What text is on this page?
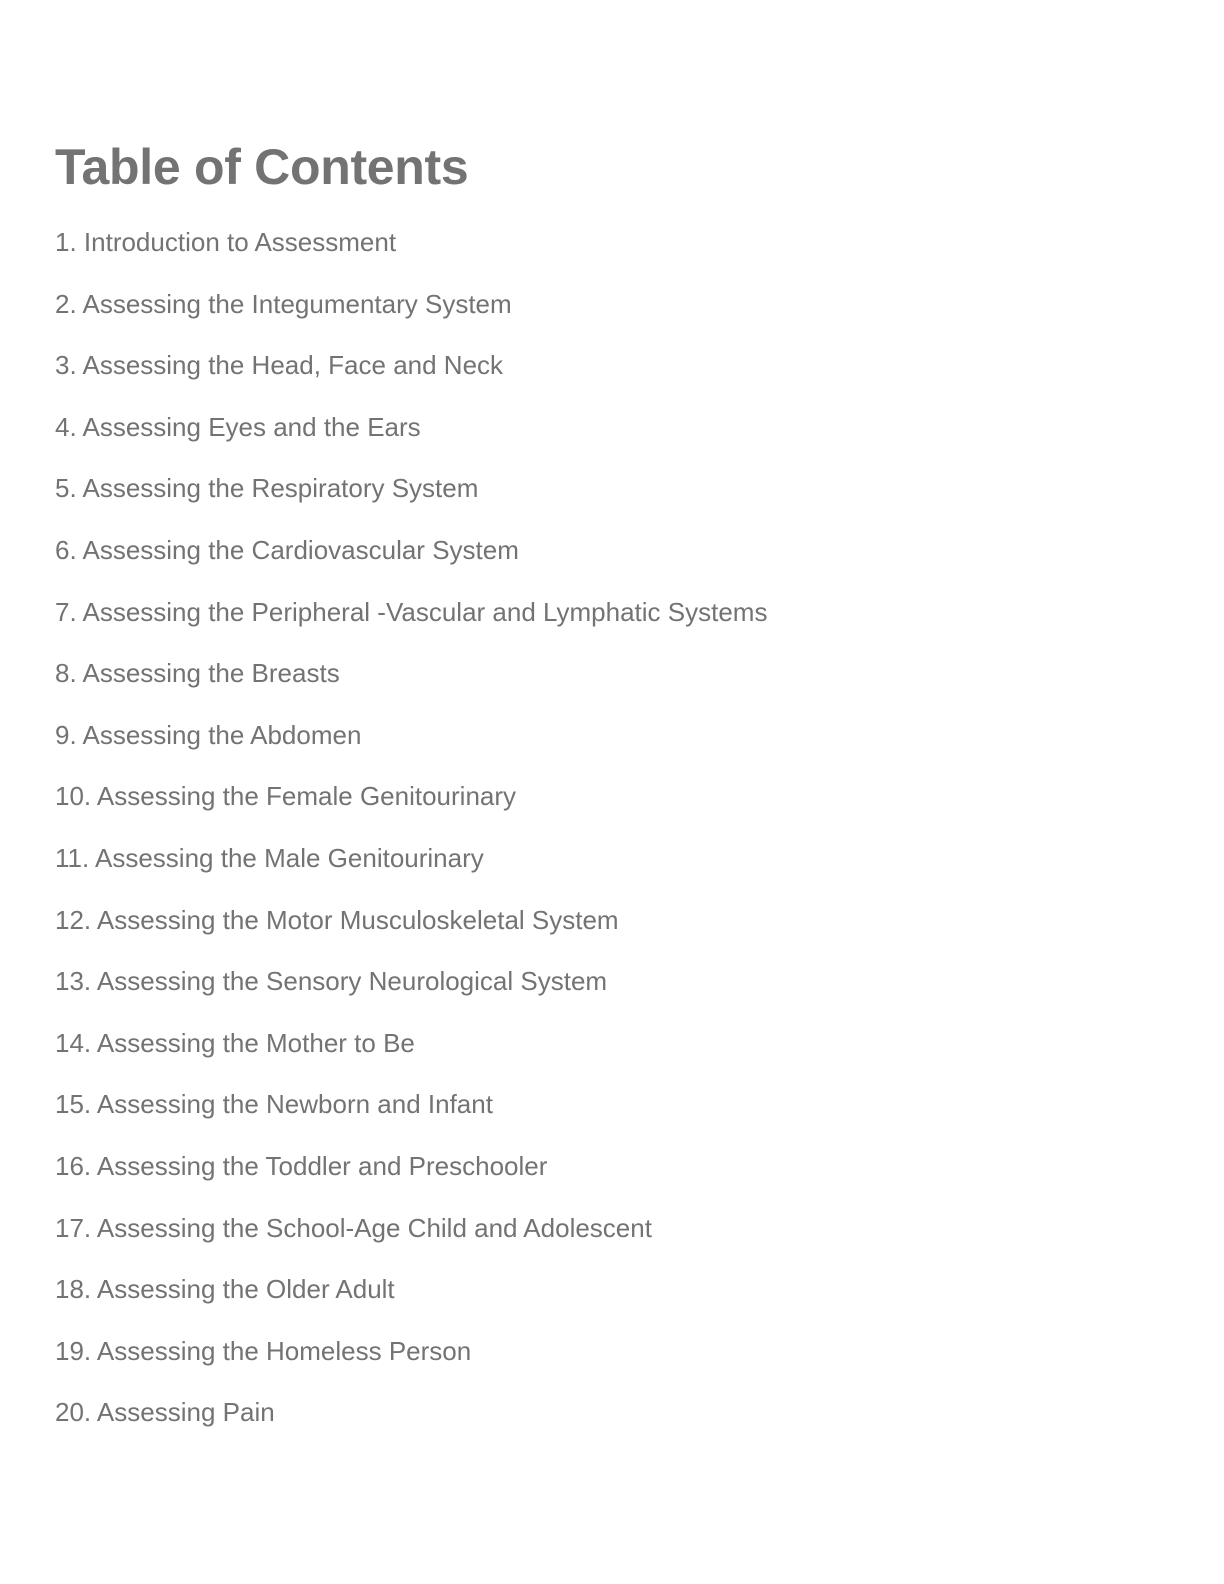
Table of Contents
1. Introduction to Assessment
2. Assessing the Integumentary System
3. Assessing the Head, Face and Neck
4. Assessing Eyes and the Ears
5. Assessing the Respiratory System
6. Assessing the Cardiovascular System
7. Assessing the Peripheral -Vascular and Lymphatic Systems
8. Assessing the Breasts
9. Assessing the Abdomen
10. Assessing the Female Genitourinary
11. Assessing the Male Genitourinary
12. Assessing the Motor Musculoskeletal System
13. Assessing the Sensory Neurological System
14. Assessing the Mother to Be
15. Assessing the Newborn and Infant
16. Assessing the Toddler and Preschooler
17. Assessing the School-Age Child and Adolescent
18. Assessing the Older Adult
19. Assessing the Homeless Person
20. Assessing Pain
